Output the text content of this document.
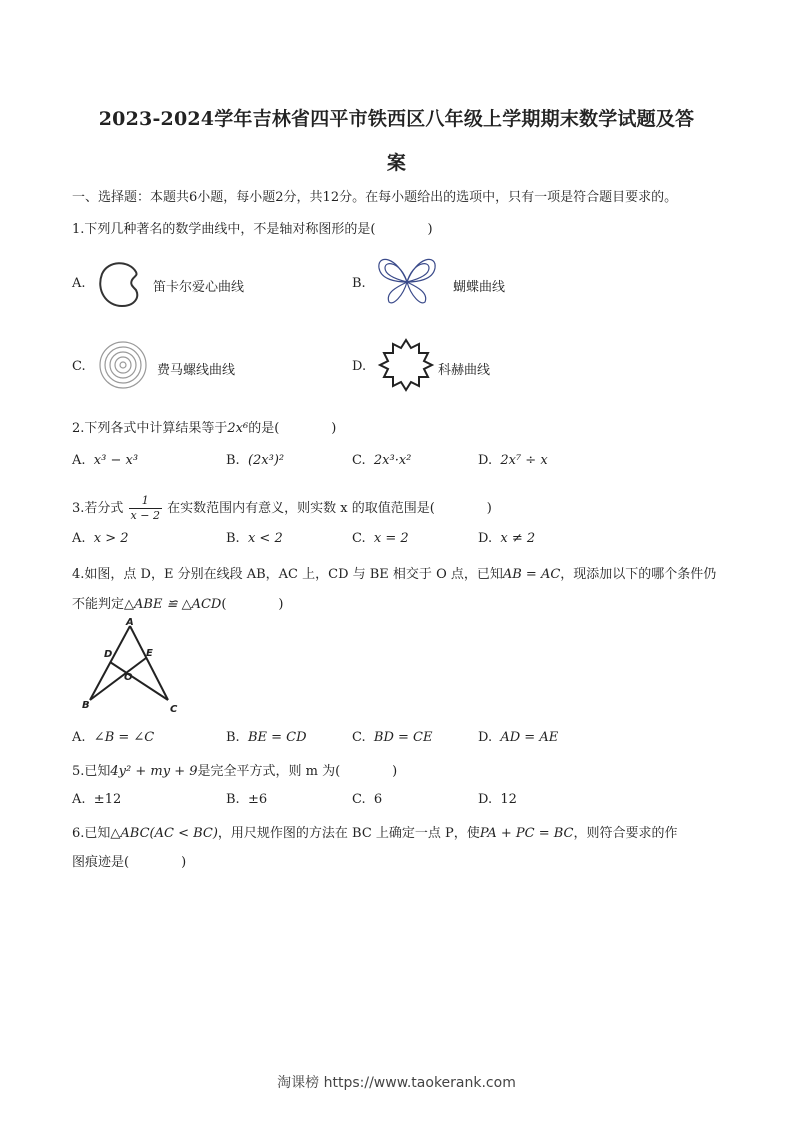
2023-2024学年吉林省四平市铁西区八年级上学期期末数学试题及答
案
一、选择题：本题共6小题，每小题2分，共12分。在每小题给出的选项中，只有一项是符合题目要求的。
1.下列几种著名的数学曲线中，不是轴对称图形的是(　　　　)
A.	笛卡尔爱心曲线	B.	蝴蝶曲线
C.	费马螺线曲线	D.	科赫曲线
2.下列各式中计算结果等于2x⁶的是(　　　　)
A. x³ − x³	B. (2x³)²	C. 2x³·x²	D. 2x⁷ ÷ x
3.若分式 $\frac{1}{x - 2}$ 在实数范围内有意义，则实数 x 的取值范围是(　　　　)
A. x > 2	B. x < 2	C. x = 2	D. x ≠ 2
4.如图，点 D，E 分别在线段 AB，AC 上，CD 与 BE 相交于 O 点，已知AB = AC，现添加以下的哪个条件仍
不能判定△ABE ≌ △ACD(　　　　)
A
D	E
O
B	C
A. ∠B = ∠C	B. BE = CD	C. BD = CE	D. AD = AE
5.已知4y² + my + 9是完全平方式，则 m 为(　　　　)
A. ±12	B. ±6	C. 6	D. 12
6.已知△ABC(AC < BC)，用尺规作图的方法在 BC 上确定一点 P，使PA + PC = BC，则符合要求的作
图痕迹是(　　　　)
淘课榜 https://www.taokerank.com
